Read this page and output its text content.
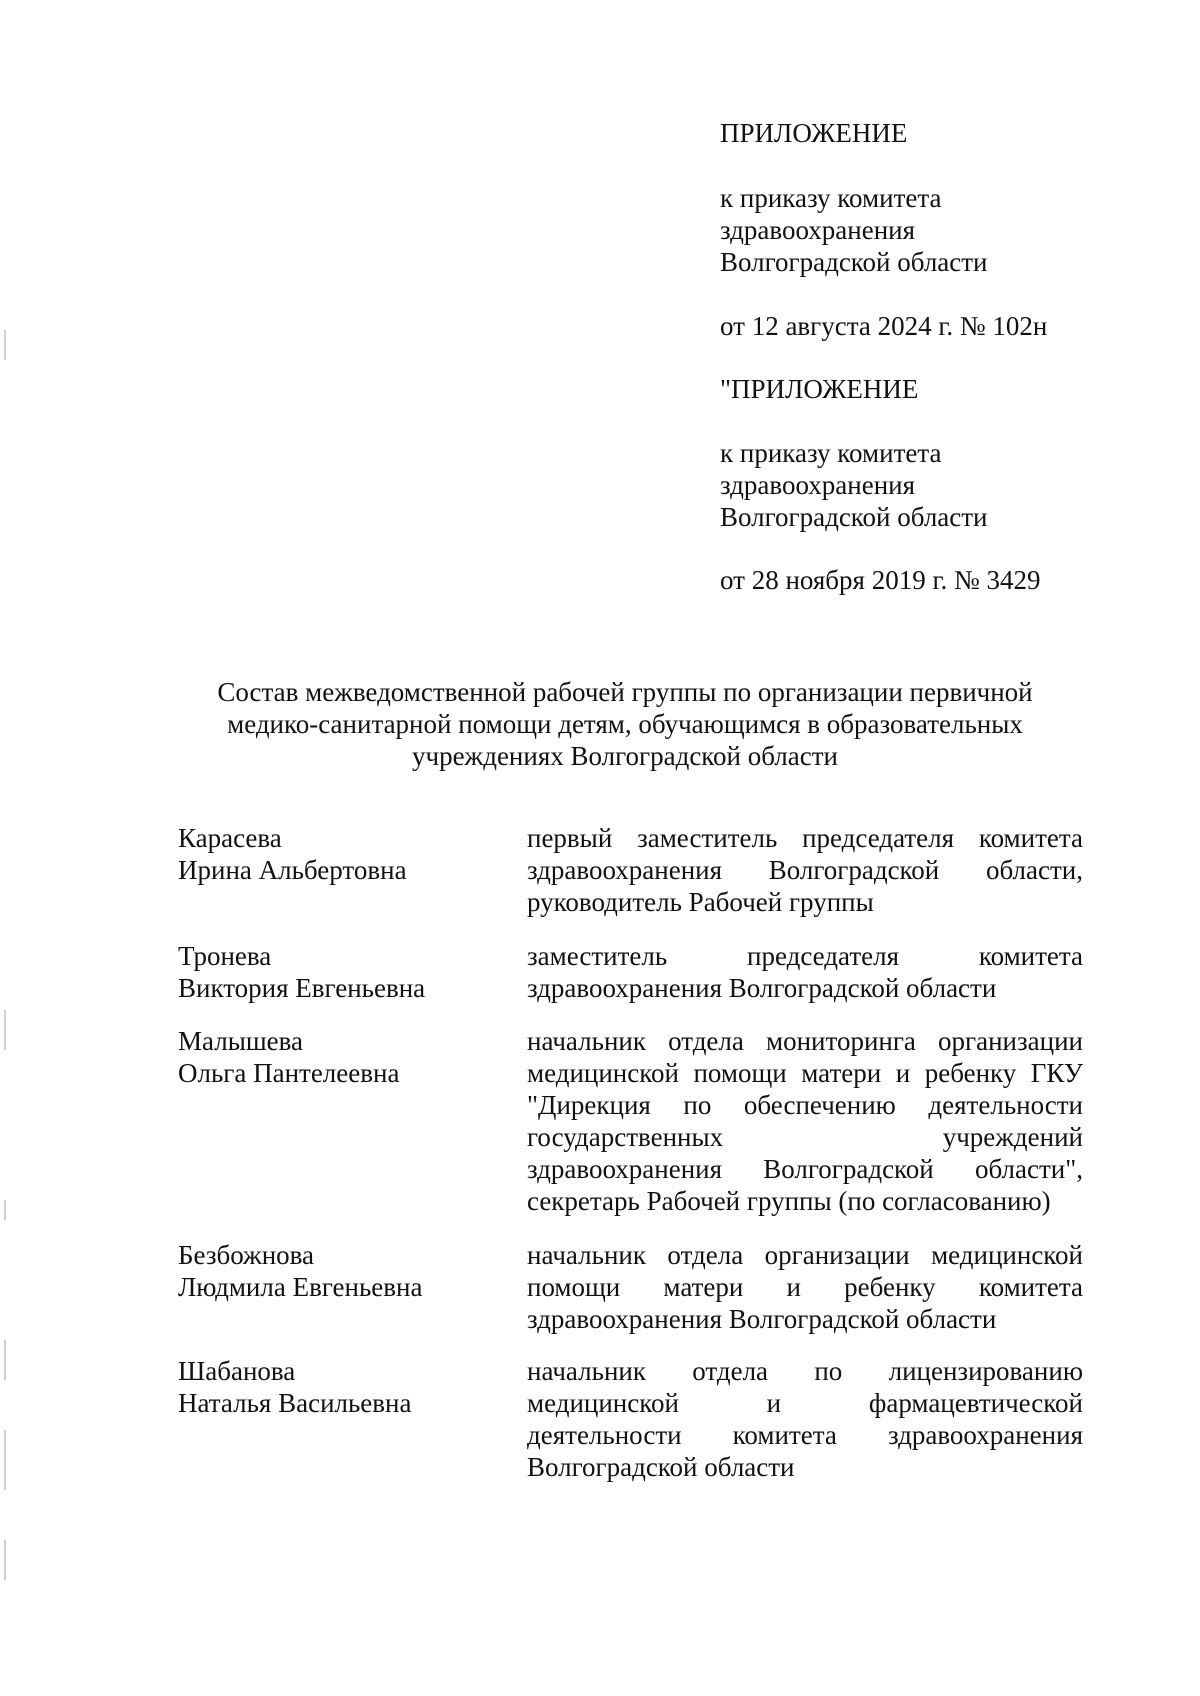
ПРИЛОЖЕНИЕ
к приказу комитета
здравоохранения
Волгоградской области
от 12 августа 2024 г. № 102н
"ПРИЛОЖЕНИЕ
к приказу комитета
здравоохранения
Волгоградской области
от 28 ноября 2019 г. № 3429
Состав межведомственной рабочей группы по организации первичной
медико-санитарной помощи детям, обучающимся в образовательных
учреждениях Волгоградской области
Карасева
Ирина Альбертовна
первый заместитель председателя комитета
здравоохранения Волгоградской области,
руководитель Рабочей группы
Тронева
Виктория Евгеньевна
заместитель председателя комитета
здравоохранения Волгоградской области
Малышева
Ольга Пантелеевна
начальник отдела мониторинга организации
медицинской помощи матери и ребенку ГКУ
"Дирекция по обеспечению деятельности
государственных учреждений
здравоохранения Волгоградской области",
секретарь Рабочей группы (по согласованию)
Безбожнова
Людмила Евгеньевна
начальник отдела организации медицинской
помощи матери и ребенку комитета
здравоохранения Волгоградской области
Шабанова
Наталья Васильевна
начальник отдела по лицензированию
медицинской и фармацевтической
деятельности комитета здравоохранения
Волгоградской области
